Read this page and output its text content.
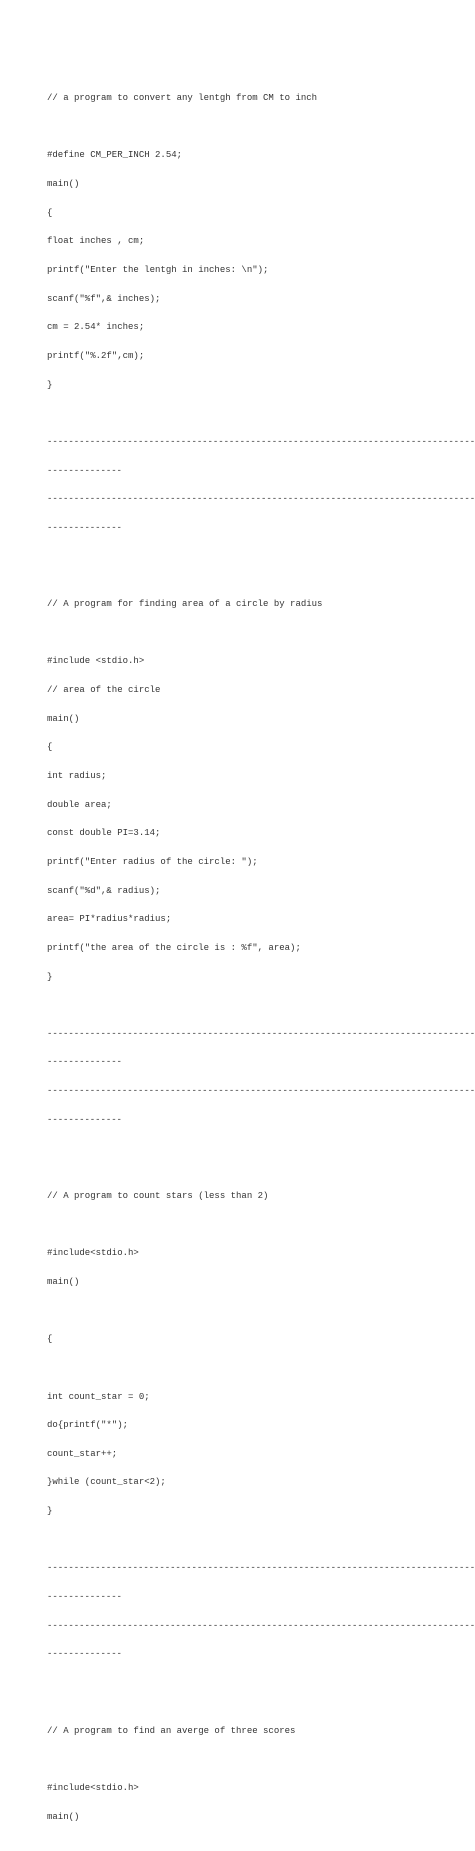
// a program to convert any lentgh from CM to inch

#define CM_PER_INCH 2.54;

main()

{

float inches , cm;

printf("Enter the lentgh in inches: \n");

scanf("%f",& inches);

cm = 2.54* inches;

printf("%.2f",cm);

}

--------------------------------------------------------------------------------

--------------

--------------------------------------------------------------------------------

--------------

// A program for finding area of a circle by radius

#include <stdio.h>

// area of the circle

main()

{

int radius;

double area;

const double PI=3.14;

printf("Enter radius of the circle: ");

scanf("%d",& radius);

area= PI*radius*radius;

printf("the area of the circle is : %f", area);

}

--------------------------------------------------------------------------------

--------------

--------------------------------------------------------------------------------

--------------

// A program to count stars (less than 2)

#include<stdio.h>

main()

{

int count_star = 0;

do{printf("*");

count_star++;

}while (count_star<2);

}

--------------------------------------------------------------------------------

--------------

--------------------------------------------------------------------------------

--------------

// A program to find an averge of three scores

#include<stdio.h>

main()
